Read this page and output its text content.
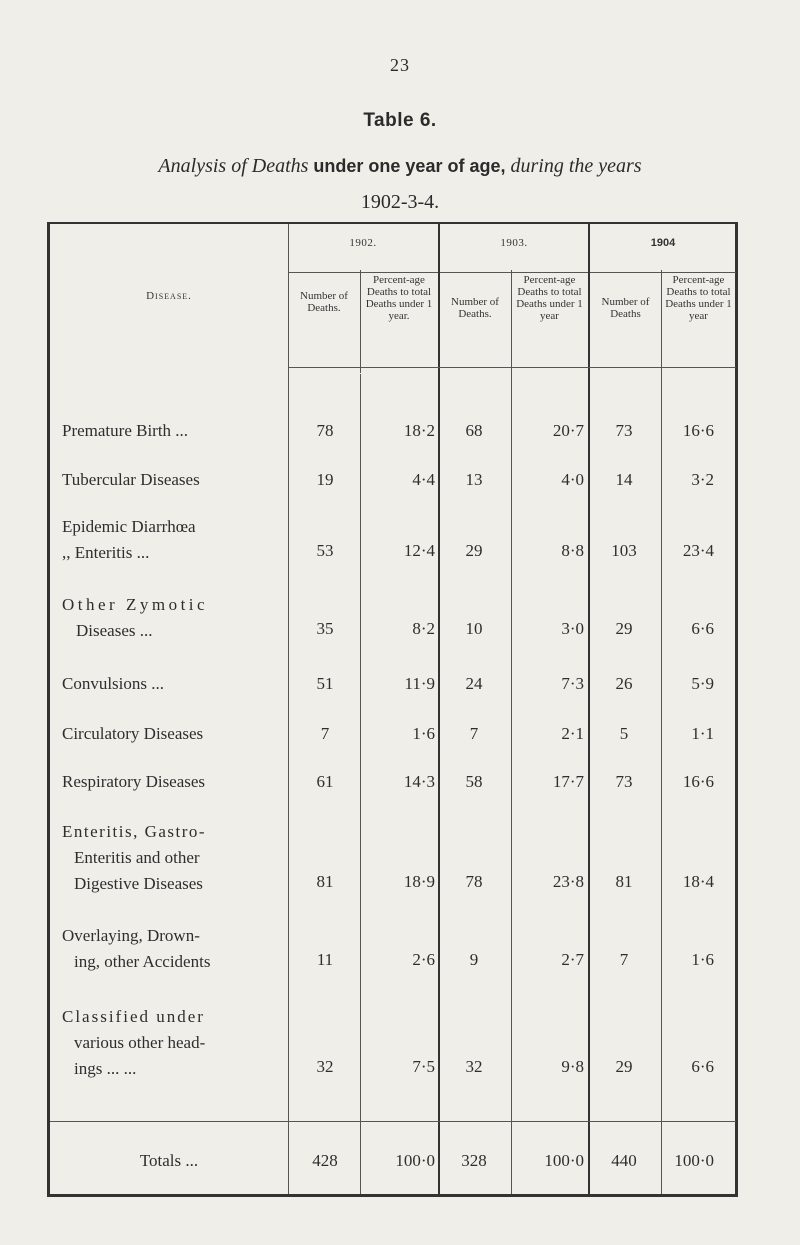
23
Table 6.
Analysis of Deaths under one year of age, during the years
1902-3-4.
Disease.
1902.	1903.	1904
Number of Deaths.
Percent-age Deaths to total Deaths under 1 year.
Number of Deaths.
Percent-age Deaths to total Deaths under 1 year
Number of Deaths
Percent-age Deaths to total Deaths under 1 year
Premature Birth ...	78	18·2	68	20·7	73	16·6
Tubercular Diseases	19	4·4	13	4·0	14	3·2
Epidemic Diarrhœa
,, Enteritis ...	53	12·4	29	8·8	103	23·4
Other Zymotic
Diseases ...	35	8·2	10	3·0	29	6·6
Convulsions ...	51	11·9	24	7·3	26	5·9
Circulatory Diseases	7	1·6	7	2·1	5	1·1
Respiratory Diseases	61	14·3	58	17·7	73	16·6
Enteritis, Gastro-
Enteritis and other
Digestive Diseases	81	18·9	78	23·8	81	18·4
Overlaying, Drown-
ing, other Accidents	11	2·6	9	2·7	7	1·6
Classified under
various other head-
ings ... ...	32	7·5	32	9·8	29	6·6
Totals ...	428	100·0	328	100·0	440	100·0
